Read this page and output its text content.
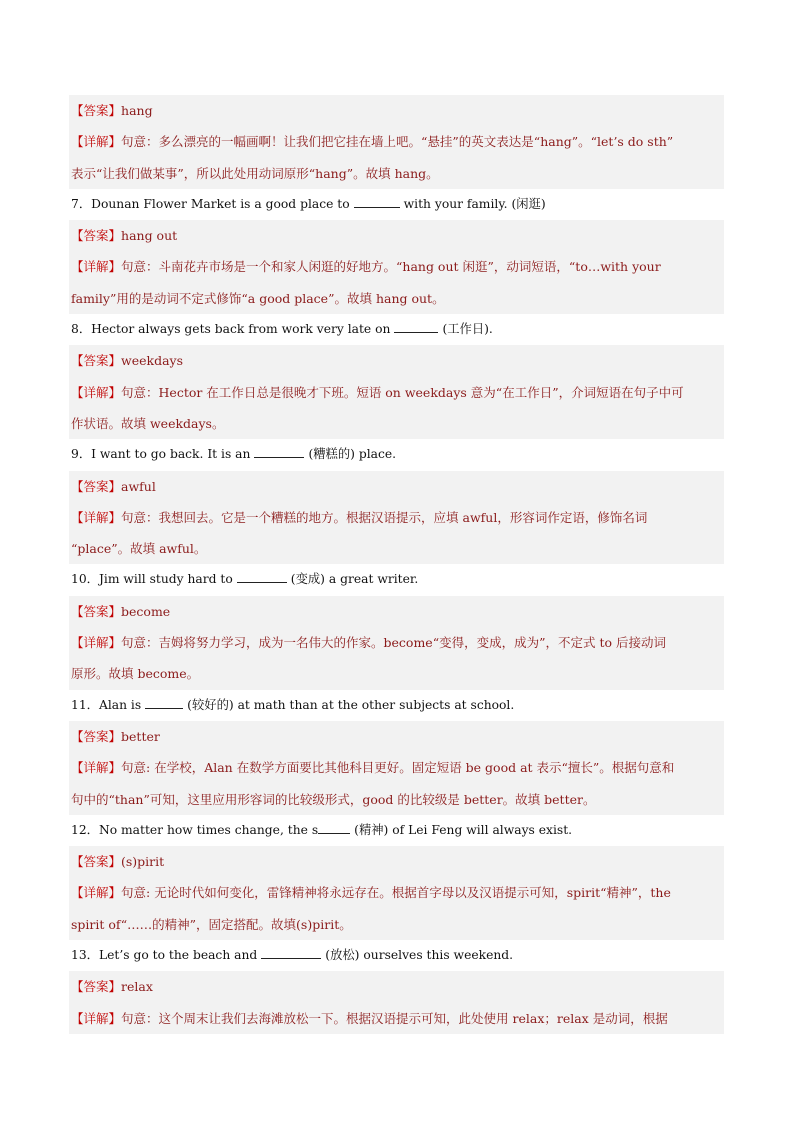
【答案】hang
【详解】句意：多么漂亮的一幅画啊！让我们把它挂在墙上吧。“悬挂”的英文表达是“hang”。“let’s do sth”
表示“让我们做某事”，所以此处用动词原形“hang”。故填 hang。
7．Dounan Flower Market is a good place to	with your family. (闲逛)
【答案】hang out
【详解】句意：斗南花卉市场是一个和家人闲逛的好地方。“hang out 闲逛”，动词短语，“to…with your
family”用的是动词不定式修饰“a good place”。故填 hang out。
8．Hector always gets back from work very late on	(工作日).
【答案】weekdays
【详解】句意：Hector 在工作日总是很晚才下班。短语 on weekdays 意为“在工作日”，介词短语在句子中可
作状语。故填 weekdays。
9．I want to go back. It is an	(糟糕的) place.
【答案】awful
【详解】句意：我想回去。它是一个糟糕的地方。根据汉语提示，应填 awful，形容词作定语，修饰名词
“place”。故填 awful。
10．Jim will study hard to	(变成) a great writer.
【答案】become
【详解】句意：吉姆将努力学习，成为一名伟大的作家。become“变得，变成，成为”，不定式 to 后接动词
原形。故填 become。
11．Alan is	(较好的) at math than at the other subjects at school.
【答案】better
【详解】句意: 在学校，Alan 在数学方面要比其他科目更好。固定短语 be good at 表示“擅长”。根据句意和
句中的“than”可知，这里应用形容词的比较级形式，good 的比较级是 better。故填 better。
12．No matter how times change, the s	(精神) of Lei Feng will always exist.
【答案】(s)pirit
【详解】句意: 无论时代如何变化，雷锋精神将永远存在。根据首字母以及汉语提示可知，spirit“精神”，the
spirit of“……的精神”，固定搭配。故填(s)pirit。
13．Let’s go to the beach and	(放松) ourselves this weekend.
【答案】relax
【详解】句意：这个周末让我们去海滩放松一下。根据汉语提示可知，此处使用 relax；relax 是动词，根据
